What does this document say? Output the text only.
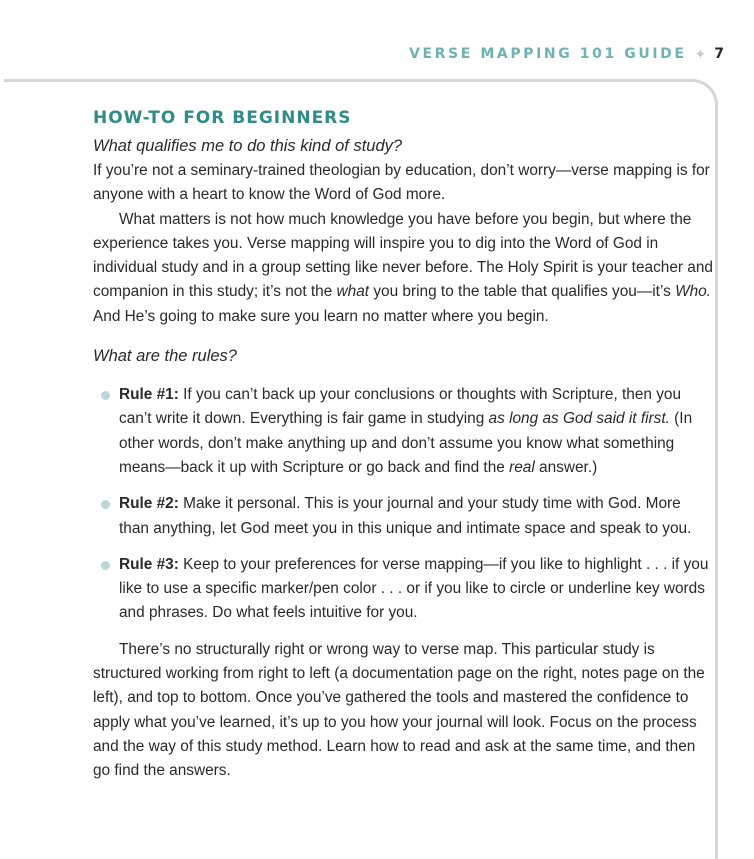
VERSE MAPPING 101 GUIDE ✦ 7
HOW-TO FOR BEGINNERS

What qualifies me to do this kind of study?

If you’re not a seminary-trained theologian by education, don’t worry—verse mapping is for anyone with a heart to know the Word of God more.

What matters is not how much knowledge you have before you begin, but where the experience takes you. Verse mapping will inspire you to dig into the Word of God in individual study and in a group setting like never before. The Holy Spirit is your teacher and companion in this study; it’s not the what you bring to the table that qualifies you—it’s Who. And He’s going to make sure you learn no matter where you begin.

What are the rules?

Rule #1: If you can’t back up your conclusions or thoughts with Scripture, then you can’t write it down. Everything is fair game in studying as long as God said it first. (In other words, don’t make anything up and don’t assume you know what something means—back it up with Scripture or go back and find the real answer.)
Rule #2: Make it personal. This is your journal and your study time with God. More than anything, let God meet you in this unique and intimate space and speak to you.
Rule #3: Keep to your preferences for verse mapping—if you like to highlight . . . if you like to use a specific marker/pen color . . . or if you like to circle or underline key words and phrases. Do what feels intuitive for you.

There’s no structurally right or wrong way to verse map. This particular study is structured working from right to left (a documentation page on the right, notes page on the left), and top to bottom. Once you’ve gathered the tools and mastered the confidence to apply what you’ve learned, it’s up to you how your journal will look. Focus on the process and the way of this study method. Learn how to read and ask at the same time, and then go find the answers.
